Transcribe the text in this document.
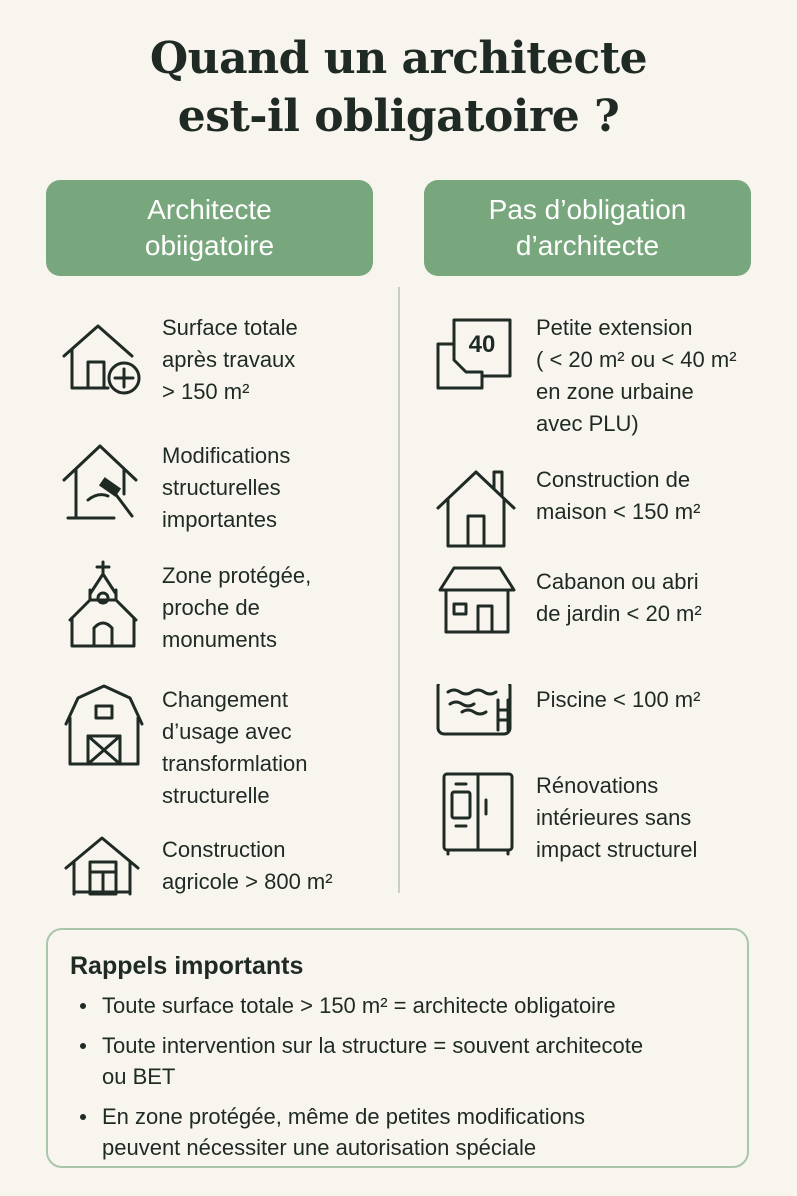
Quand un architecte
est-il obligatoire ?
Architecte
obiigatoire
Pas d’obligation
d’architecte
Surface totale
après travaux
> 150 m²
Modifications
structurelles
importantes
Zone protégée,
proche de
monuments
Changement
d’usage avec
transformlation
structurelle
Construction
agricole > 800 m²
40
Petite extension
( < 20 m² ou < 40 m²
en zone urbaine
avec PLU)
Construction de
maison < 150 m²
Cabanon ou abri
de jardin < 20 m²
Piscine < 100 m²
Rénovations
intérieures sans
impact structurel
Rappels importants
Toute surface totale > 150 m² = architecte obligatoire
Toute intervention sur la structure = souvent architecote
ou BET
En zone protégée, même de petites modifications
peuvent nécessiter une autorisation spéciale
